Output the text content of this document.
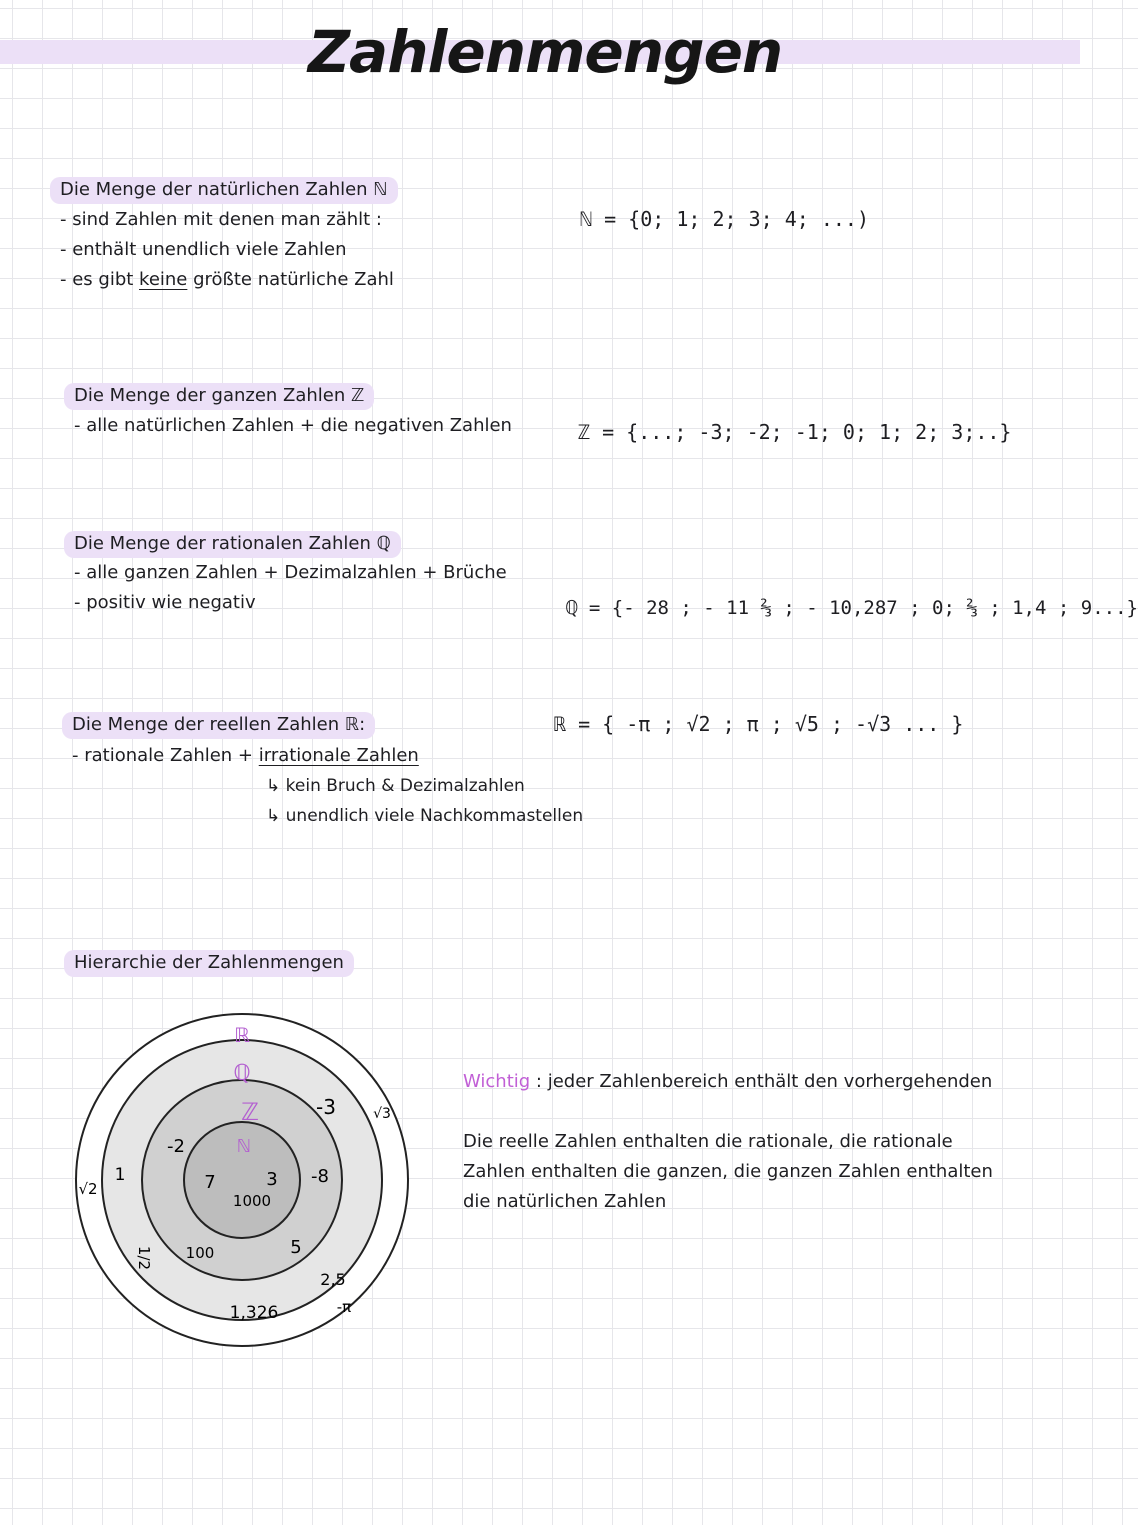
Zahlenmengen
Die Menge der natürlichen Zahlen ℕ
- sind Zahlen mit denen man zählt :
- enthält unendlich viele Zahlen
- es gibt keine größte natürliche Zahl
ℕ = {0; 1; 2; 3; 4; ...)
Die Menge der ganzen Zahlen ℤ
- alle natürlichen Zahlen + die negativen Zahlen	ℤ = {...; -3; -2; -1; 0; 1; 2; 3;..}
Die Menge der rationalen Zahlen ℚ
- alle ganzen Zahlen + Dezimalzahlen + Brüche
- positiv wie negativ	ℚ = {- 28 ; - 11 ⅔ ; - 10,287 ; 0; ⅔ ; 1,4 ; 9...}
Die Menge der reellen Zahlen ℝ:
- rationale Zahlen + irrationale Zahlen
↳ kein Bruch & Dezimalzahlen
↳ unendlich viele Nachkommastellen
ℝ = { -π ; √2 ; π ; √5 ; -√3 ... }
Hierarchie der Zahlenmengen
ℝ
ℚ
ℤ
ℕ
7	3
1000
100	5
-2
-8
-3
1
1/2
2,5
1,326
√2
√3
-π
Wichtig : jeder Zahlenbereich enthält den vorhergehenden
Die reelle Zahlen enthalten die rationale, die rationale
Zahlen enthalten die ganzen, die ganzen Zahlen enthalten
die natürlichen Zahlen
